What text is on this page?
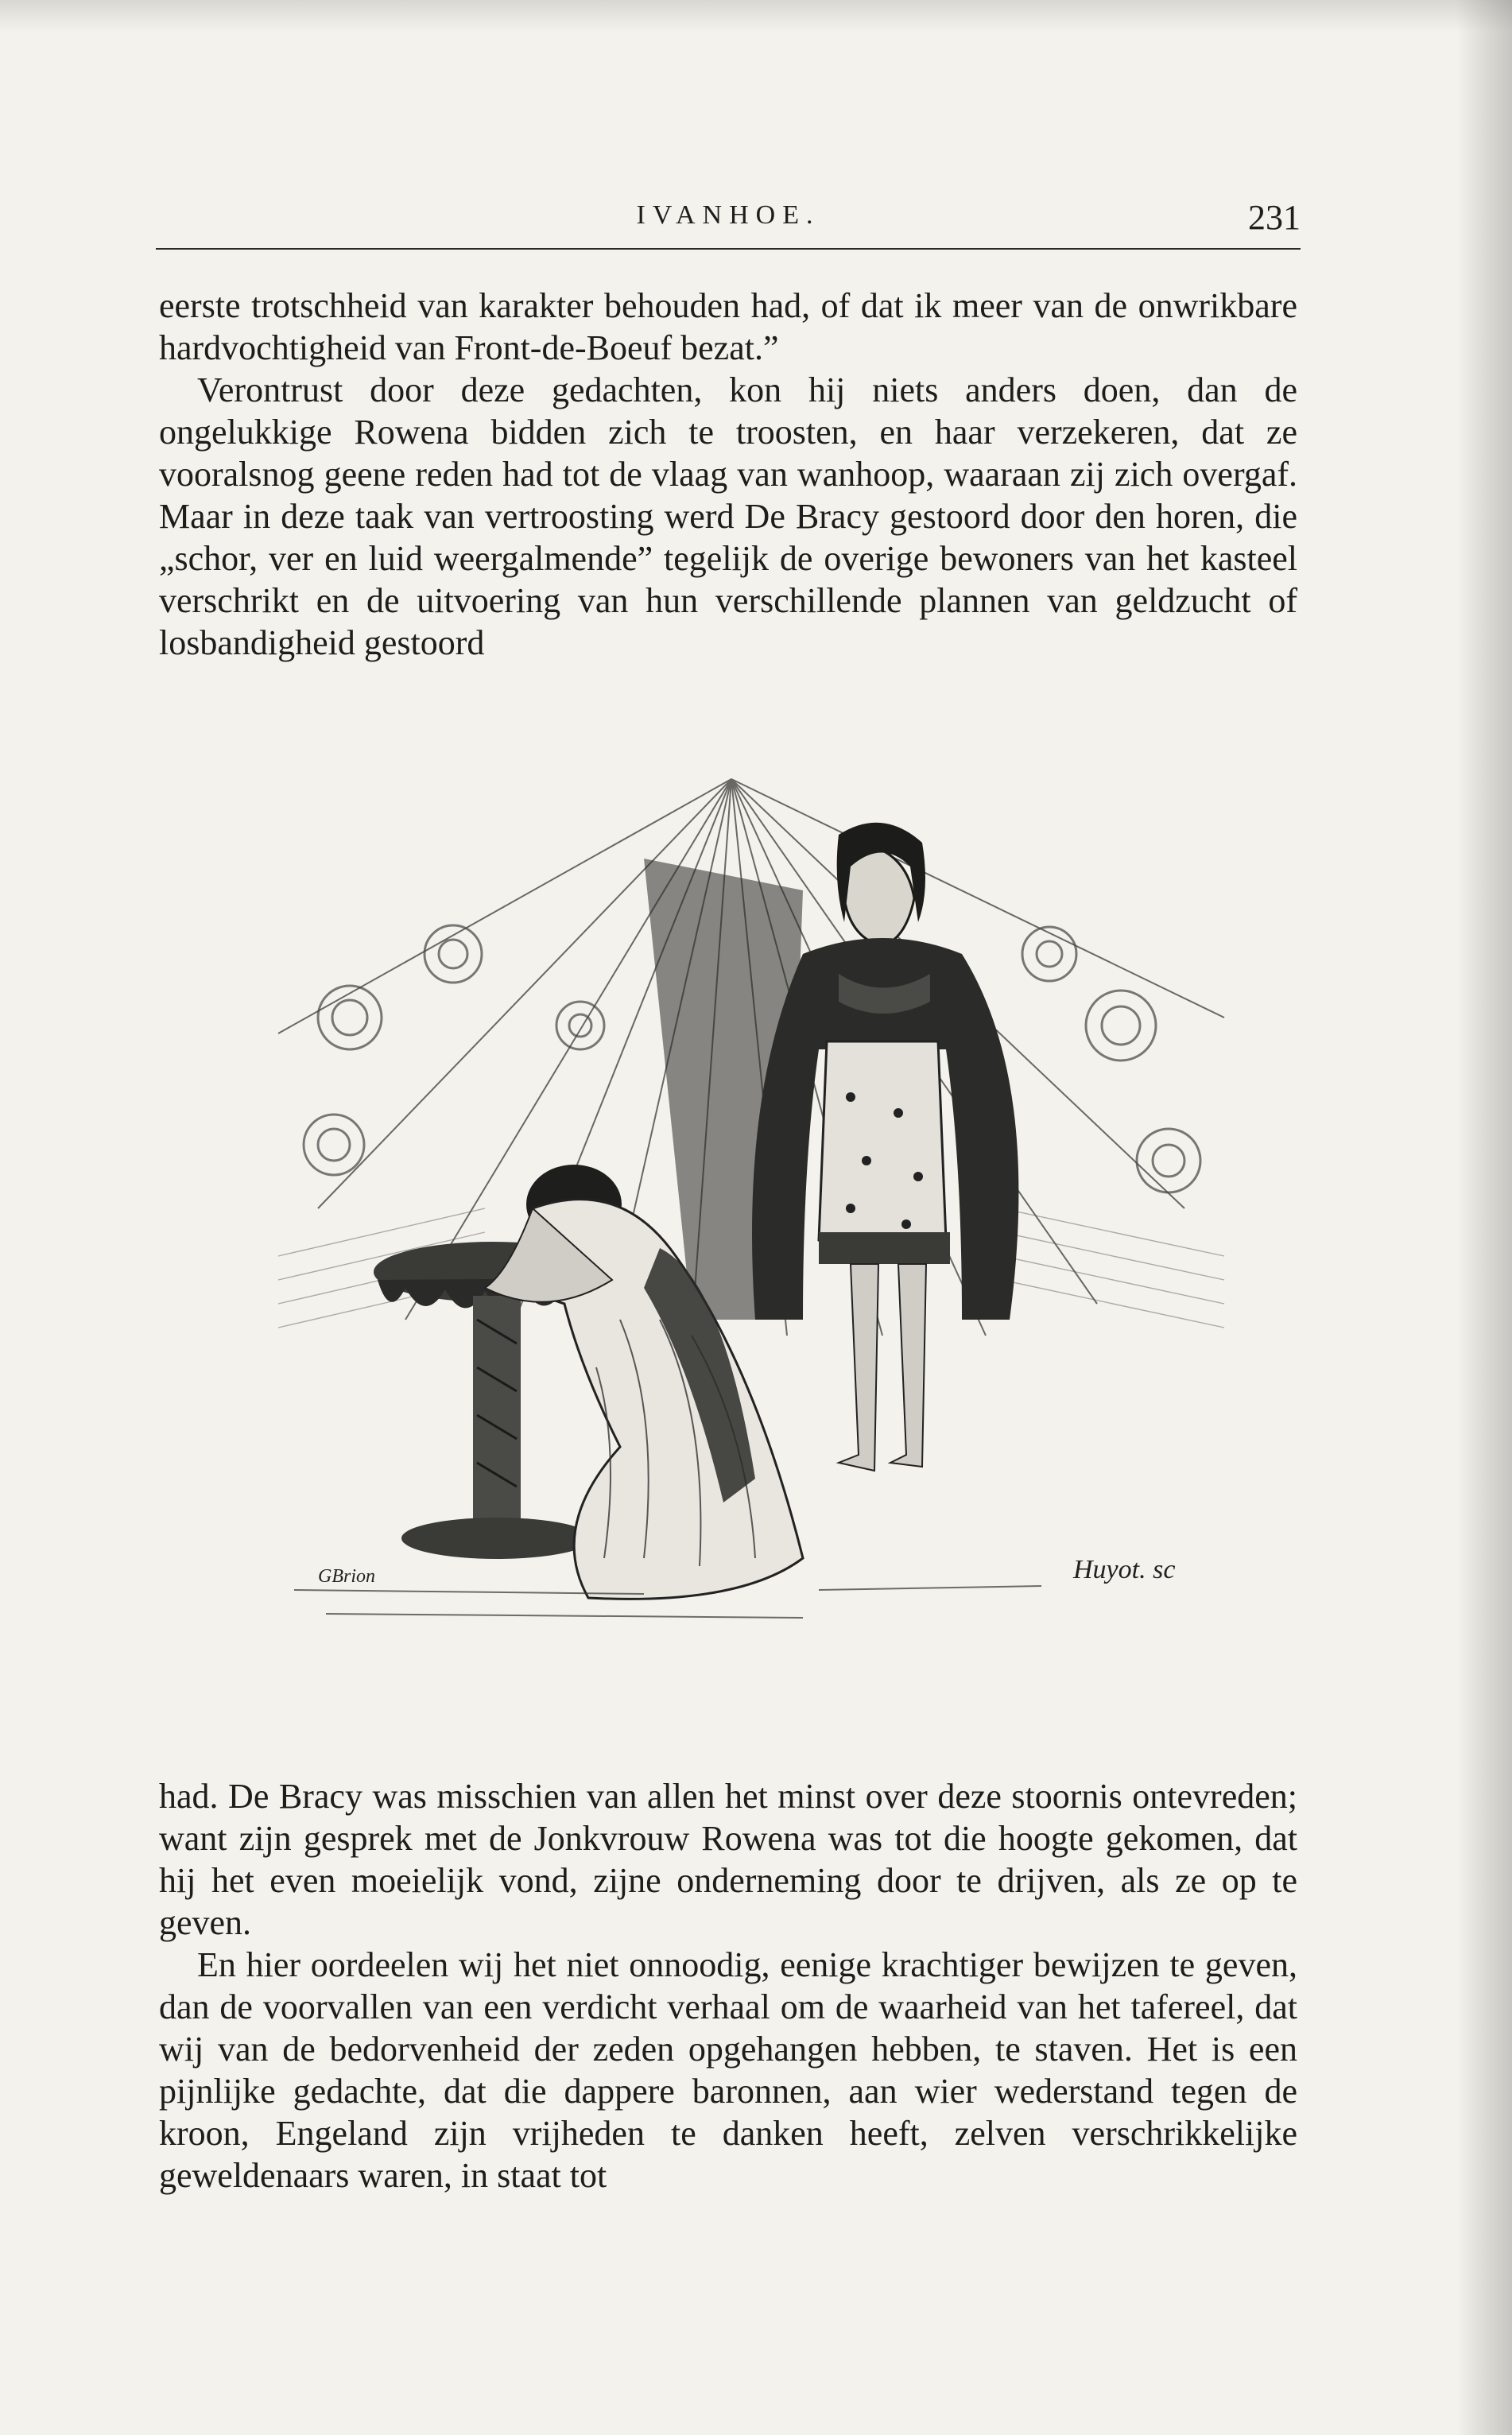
IVANHOE.	231

eerste trotschheid van karakter behouden had, of dat ik meer van de onwrikbare hardvochtigheid van Front-de-Boeuf bezat.”

Verontrust door deze gedachten, kon hij niets anders doen, dan de ongelukkige Rowena bidden zich te troosten, en haar verzekeren, dat ze vooralsnog geene reden had tot de vlaag van wanhoop, waaraan zij zich overgaf. Maar in deze taak van vertroosting werd De Bracy gestoord door den horen, die „schor, ver en luid weergalmende” tegelijk de overige bewoners van het kasteel verschrikt en de uitvoering van hun verschillende plannen van geldzucht of losbandigheid gestoord

Huyot. sc
GBrion

had. De Bracy was misschien van allen het minst over deze stoornis ontevreden; want zijn gesprek met de Jonkvrouw Rowena was tot die hoogte gekomen, dat hij het even moeielijk vond, zijne onderneming door te drijven, als ze op te geven.

En hier oordeelen wij het niet onnoodig, eenige krachtiger bewijzen te geven, dan de voorvallen van een verdicht verhaal om de waarheid van het tafereel, dat wij van de bedorvenheid der zeden opgehangen hebben, te staven. Het is een pijnlijke gedachte, dat die dappere baronnen, aan wier wederstand tegen de kroon, Engeland zijn vrijheden te danken heeft, zelven verschrikkelijke geweldenaars waren, in staat tot
